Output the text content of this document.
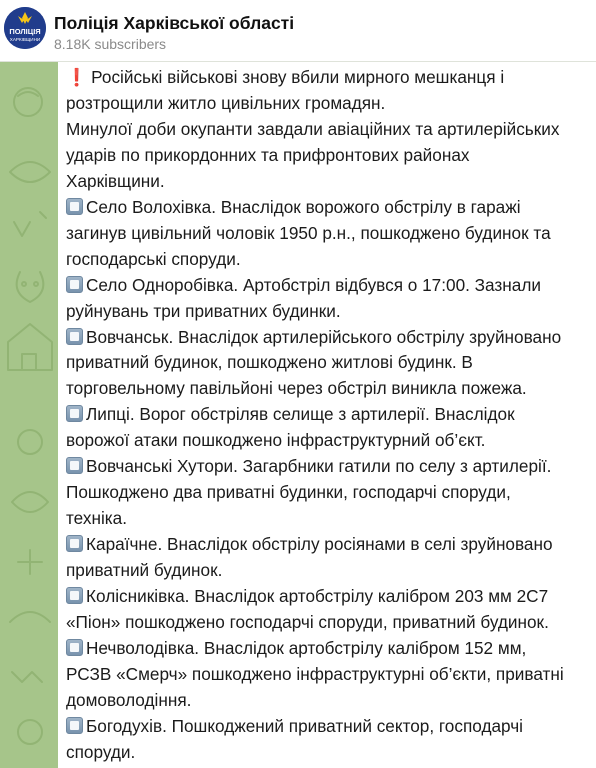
ПОЛІЦІЯ
ХАРКІВЩИНИ
Поліція Харківської області
8.18K subscribers
❗ Російські військові знову вбили мирного мешканця і
розтрощили житло цивільних громадян.
Минулої доби окупанти завдали авіаційних та артилерійських
ударів по прикордонних та прифронтових районах
Харківщини.
Село Волохівка. Внаслідок ворожого обстрілу в гаражі
загинув цивільний чоловік 1950 р.н., пошкоджено будинок та
господарські споруди.
Село Одноробівка. Артобстріл відбувся о 17:00. Зазнали
руйнувань три приватних будинки.
Вовчанськ. Внаслідок артилерійського обстрілу зруйновано
приватний будинок, пошкоджено житлові будинк. В
торговельному павільйоні через обстріл виникла пожежа.
Липці. Ворог обстріляв селище з артилерії. Внаслідок
ворожої атаки пошкоджено інфраструктурний об’єкт.
Вовчанські Хутори. Загарбники гатили по селу з артилерії.
Пошкоджено два приватні будинки, господарчі споруди,
техніка.
Караїчне. Внаслідок обстрілу росіянами в селі зруйновано
приватний будинок.
Колісниківка. Внаслідок артобстрілу калібром 203 мм 2С7
«Піон» пошкоджено господарчі споруди, приватний будинок.
Нечволодівка. Внаслідок артобстрілу калібром 152 мм,
РСЗВ «Смерч» пошкоджено інфраструктурні об’єкти, приватні
домоволодіння.
Богодухів. Пошкоджений приватний сектор, господарчі
споруди.
